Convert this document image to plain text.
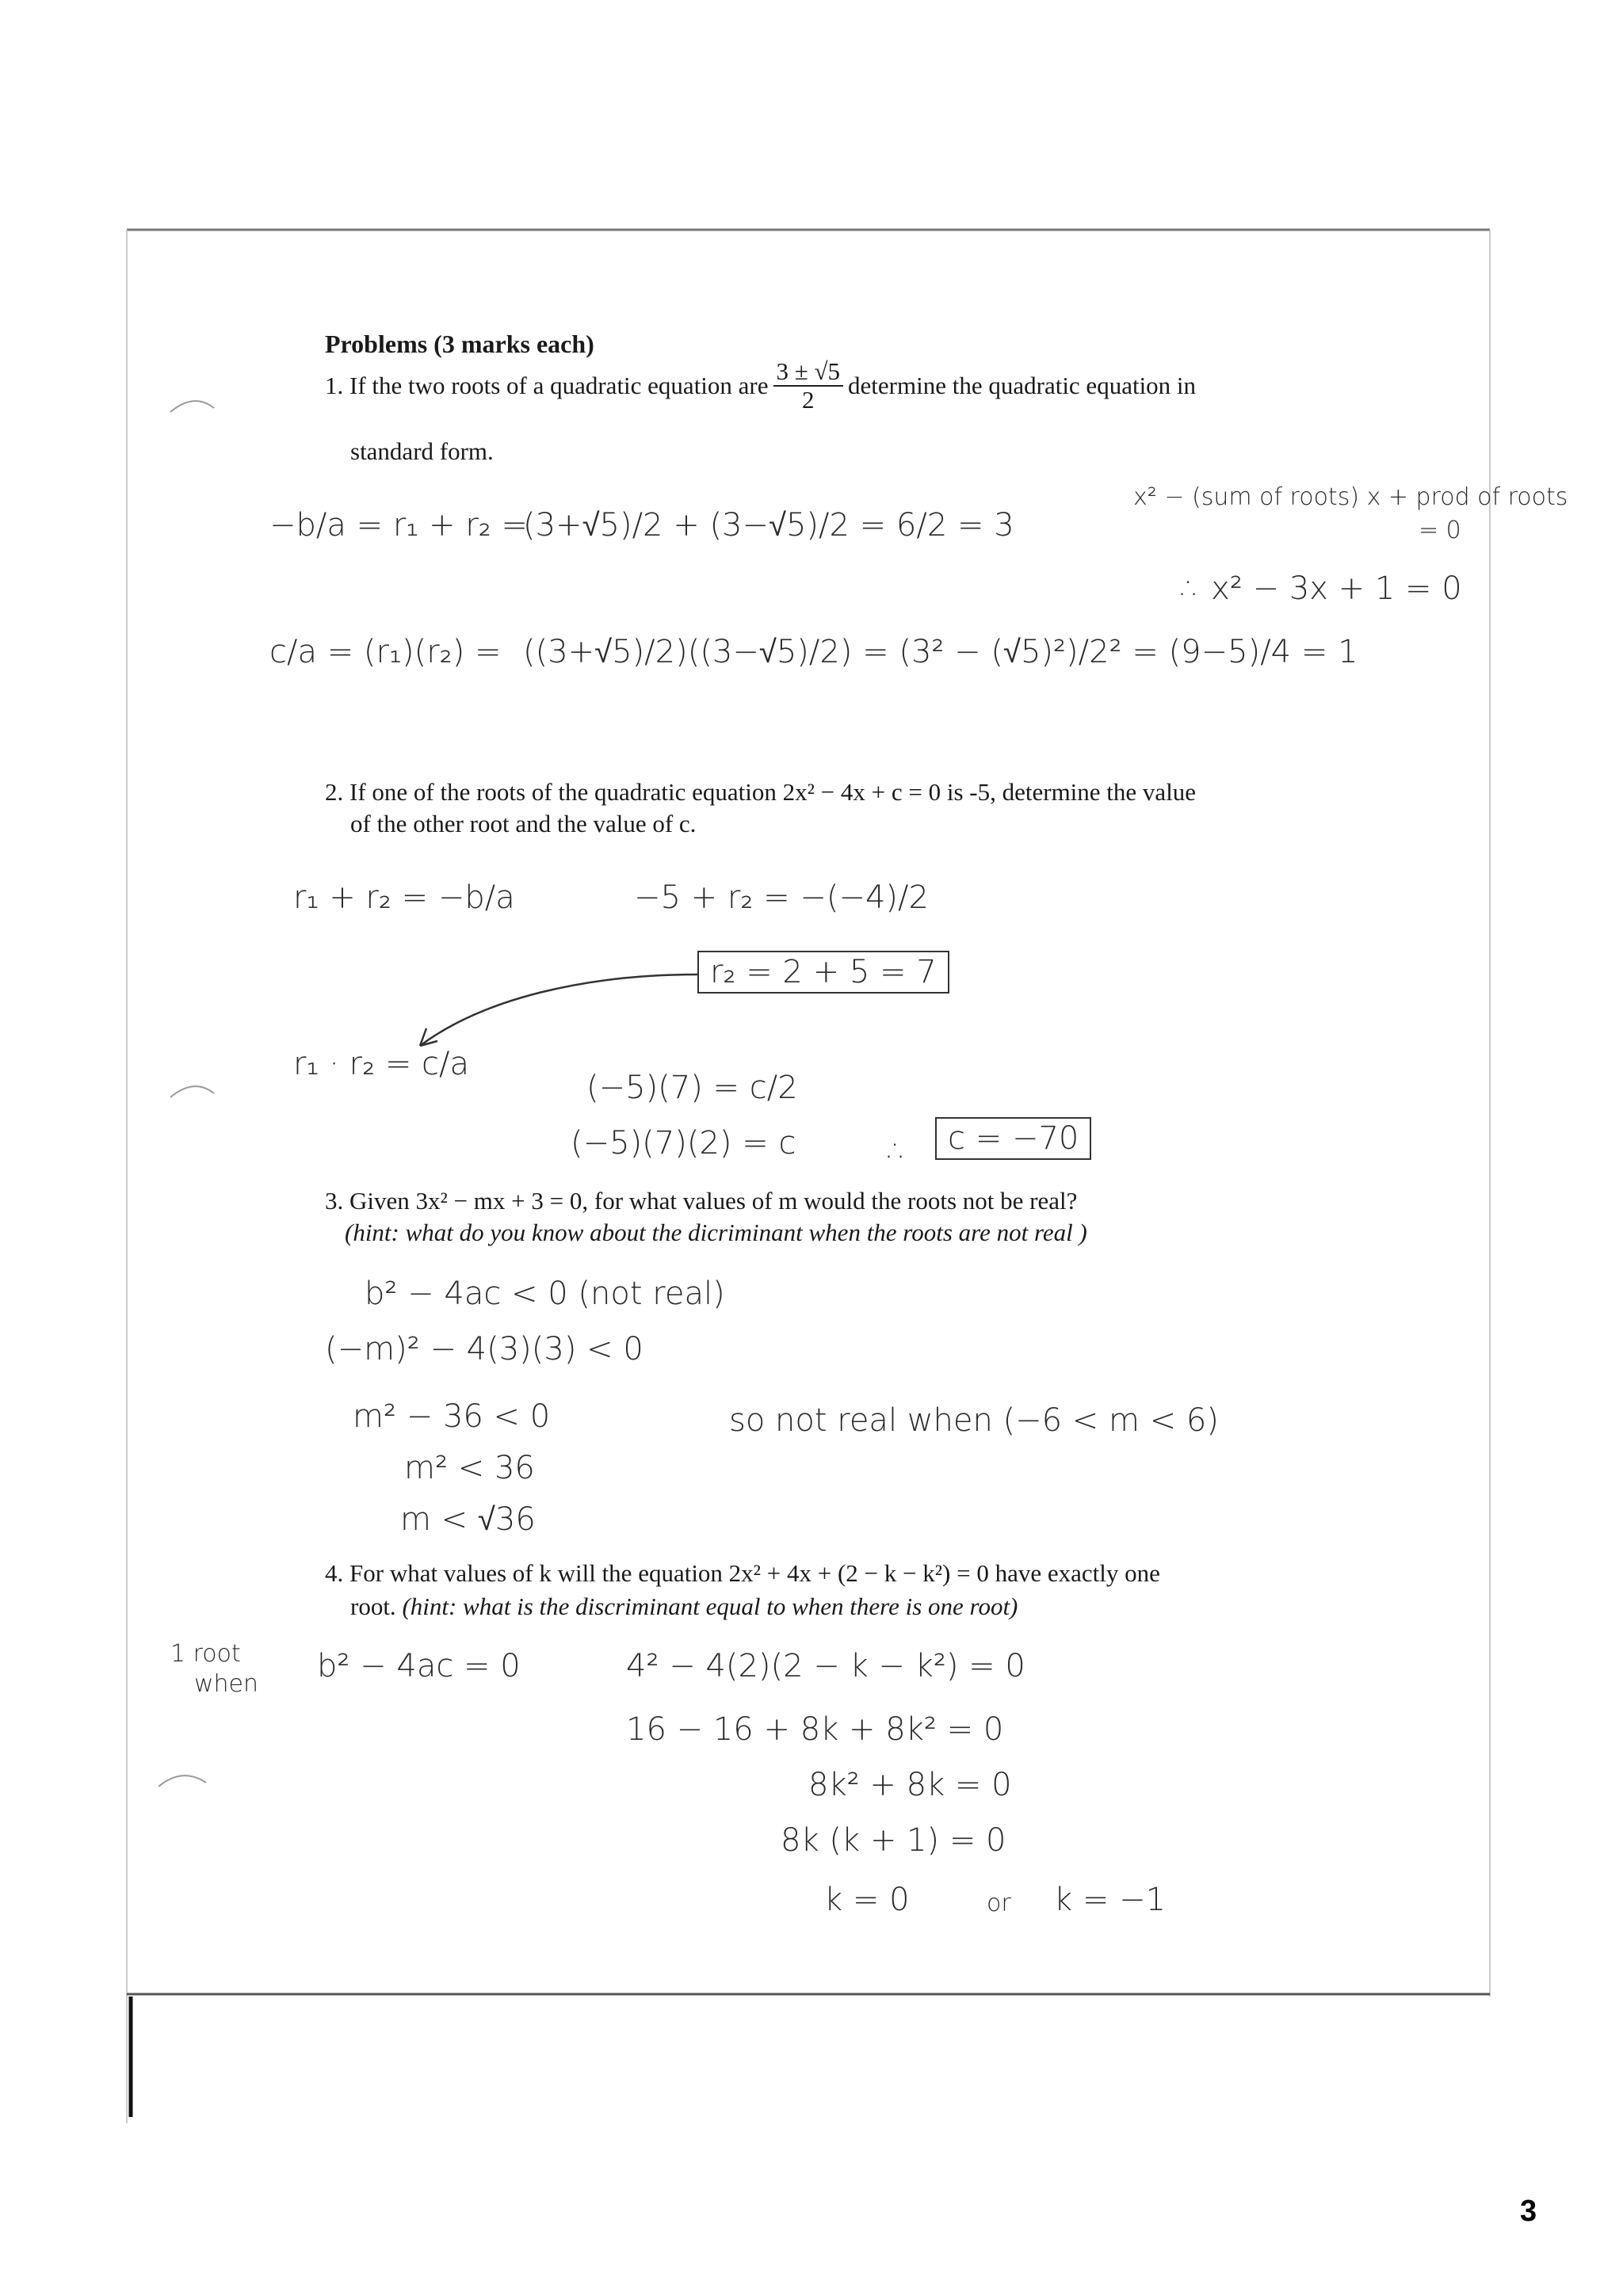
Problems (3 marks each)
1. If the two roots of a quadratic equation are $\frac{3 \pm √5}{2}$ determine the quadratic equation in
standard form.
−b/a = r₁ + r₂ =
(3+√5)/2 + (3−√5)/2 = 6/2 = 3
c/a = (r₁)(r₂) = ((3+√5)/2)((3−√5)/2) = (3² − (√5)²)/2² = (9−5)/4 = 1
x² − (sum of roots) x + prod of roots
= 0
∴ x² − 3x + 1 = 0
2. If one of the roots of the quadratic equation 2x² − 4x + c = 0 is -5, determine the value
of the other root and the value of c.
r₁ + r₂ = −b/a	−5 + r₂ = −(−4)/2
r₂ = 2 + 5 = 7
r₁ · r₂ = c/a
(−5)(7) = c/2
(−5)(7)(2) = c	∴	c = −70
3. Given 3x² − mx + 3 = 0, for what values of m would the roots not be real?
(hint: what do you know about the dicriminant when the roots are not real )
b² − 4ac < 0 (not real)
(−m)² − 4(3)(3) < 0
m² − 36 < 0
m² < 36
m < √36
so not real when (−6 < m < 6)
4. For what values of k will the equation 2x² + 4x + (2 − k − k²) = 0 have exactly one
root. (hint: what is the discriminant equal to when there is one root)
1 root
when b² − 4ac = 0	4² − 4(2)(2 − k − k²) = 0
16 − 16 + 8k + 8k² = 0
8k² + 8k = 0
8k (k + 1) = 0
k = 0	or k = −1
3
